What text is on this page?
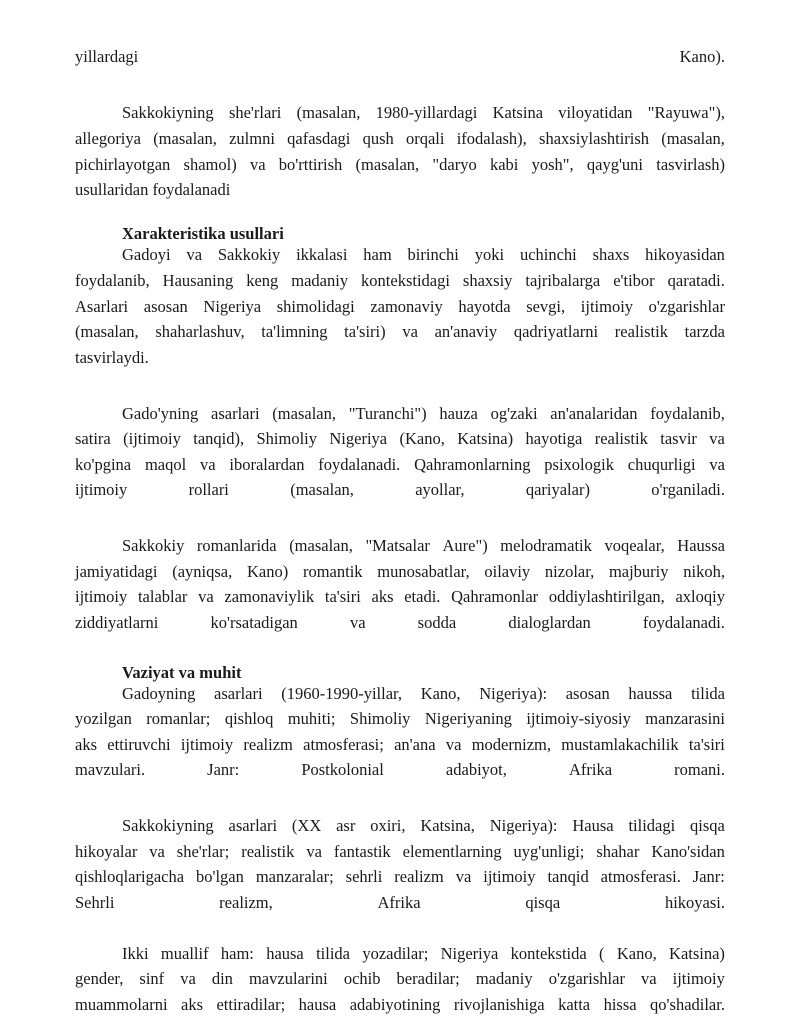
yillardagi	Kano).
Sakkokiyning she'rlari (masalan, 1980-yillardagi Katsina viloyatidan "Rayuwa"),
allegoriya (masalan, zulmni qafasdagi qush orqali ifodalash), shaxsiylashtirish (masalan,
pichirlayotgan shamol) va bo'rttirish (masalan, "daryo kabi yosh", qayg'uni tasvirlash)
usullaridan foydalanadi
Xarakteristika usullari
Gadoyi va Sakkokiy ikkalasi ham birinchi yoki uchinchi shaxs hikoyasidan
foydalanib, Hausaning keng madaniy kontekstidagi shaxsiy tajribalarga e'tibor qaratadi.
Asarlari asosan Nigeriya shimolidagi zamonaviy hayotda sevgi, ijtimoiy o'zgarishlar
(masalan, shaharlashuv, ta'limning ta'siri) va an'anaviy qadriyatlarni realistik tarzda
tasvirlaydi.
Gado'yning asarlari (masalan, "Turanchi") hauza og'zaki an'analaridan foydalanib,
satira (ijtimoiy tanqid), Shimoliy Nigeriya (Kano, Katsina) hayotiga realistik tasvir va
ko'pgina maqol va iboralardan foydalanadi. Qahramonlarning psixologik chuqurligi va
ijtimoiy	rollari	(masalan,	ayollar,	qariyalar)	o'rganiladi.
Sakkokiy romanlarida (masalan, "Matsalar Aure") melodramatik voqealar, Haussa
jamiyatidagi (ayniqsa, Kano) romantik munosabatlar, oilaviy nizolar, majburiy nikoh,
ijtimoiy talablar va zamonaviylik ta'siri aks etadi. Qahramonlar oddiylashtirilgan, axloqiy
ziddiyatlarni	ko'rsatadigan	va	sodda	dialoglardan	foydalanadi.
Vaziyat va muhit
Gadoyning asarlari (1960-1990-yillar, Kano, Nigeriya): asosan haussa tilida
yozilgan romanlar; qishloq muhiti; Shimoliy Nigeriyaning ijtimoiy-siyosiy manzarasini
aks ettiruvchi ijtimoiy realizm atmosferasi; an'ana va modernizm, mustamlakachilik ta'siri
mavzulari.	Janr:	Postkolonial	adabiyot,	Afrika	romani.
Sakkokiyning asarlari (XX asr oxiri, Katsina, Nigeriya): Hausa tilidagi qisqa
hikoyalar va she'rlar; realistik va fantastik elementlarning uyg'unligi; shahar Kano'sidan
qishloqlarigacha bo'lgan manzaralar; sehrli realizm va ijtimoiy tanqid atmosferasi. Janr:
Sehrli	realizm,	Afrika	qisqa	hikoyasi.
Ikki muallif ham: hausa tilida yozadilar; Nigeriya kontekstida ( Kano, Katsina)
gender, sinf va din mavzularini ochib beradilar; madaniy o'zgarishlar va ijtimoiy
muammolarni aks ettiradilar; hausa adabiyotining rivojlanishiga katta hissa qo'shadilar.
